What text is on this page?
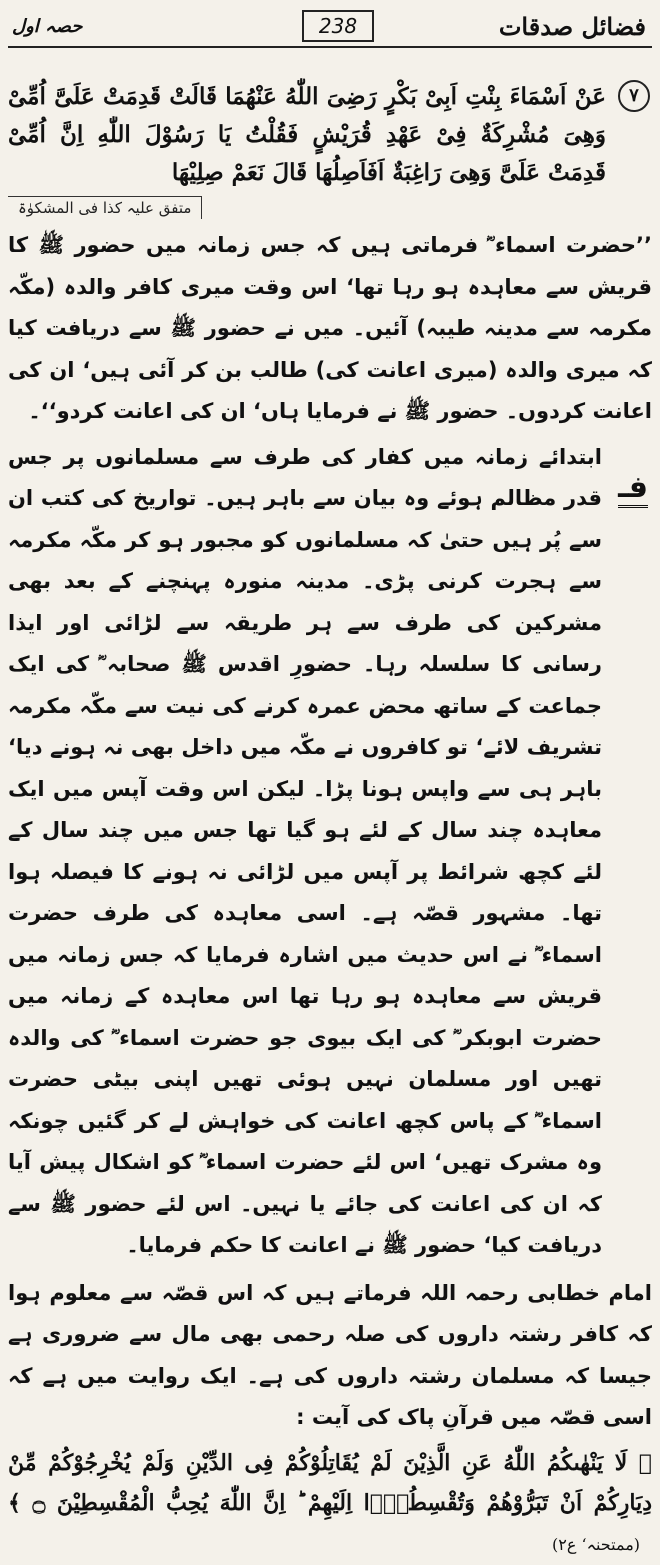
فضائل صدقات
238
حصہ اول
۷
عَنْ اَسْمَاءَ بِنْتِ اَبِیْ بَكْرٍ رَضِیَ اللّٰهُ عَنْهُمَا قَالَتْ قَدِمَتْ عَلَیَّ اُمِّیْ وَهِیَ مُشْرِكَةٌ فِیْ عَهْدِ قُرَیْشٍ فَقُلْتُ یَا رَسُوْلَ اللّٰهِ اِنَّ اُمِّیْ قَدِمَتْ عَلَیَّ وَهِیَ رَاغِبَةٌ اَفَاَصِلُهَا قَالَ نَعَمْ صِلِیْهَا
متفق علیہ کذا فی المشکوٰۃ

’’حضرت اسماء ؓ فرماتی ہیں کہ جس زمانہ میں حضور ﷺ کا قریش سے معاہدہ ہو رہا تھا‘ اس وقت میری کافر والدہ (مکّہ مکرمہ سے مدینہ طیبہ) آئیں۔ میں نے حضور ﷺ سے دریافت کیا کہ میری والدہ (میری اعانت کی) طالب بن کر آئی ہیں‘ ان کی اعانت کردوں۔ حضور ﷺ نے فرمایا ہاں‘ ان کی اعانت کردو‘‘۔

فـ
ابتدائے زمانہ میں کفار کی طرف سے مسلمانوں پر جس قدر مظالم ہوئے وہ بیان سے باہر ہیں۔ تواریخ کی کتب ان سے پُر ہیں حتیٰ کہ مسلمانوں کو مجبور ہو کر مکّہ مکرمہ سے ہجرت کرنی پڑی۔ مدینہ منورہ پہنچنے کے بعد بھی مشرکین کی طرف سے ہر طریقہ سے لڑائی اور ایذا رسانی کا سلسلہ رہا۔ حضورِ اقدس ﷺ صحابہ ؓ کی ایک جماعت کے ساتھ محض عمرہ کرنے کی نیت سے مکّہ مکرمہ تشریف لائے‘ تو کافروں نے مکّہ میں داخل بھی نہ ہونے دیا‘ باہر ہی سے واپس ہونا پڑا۔ لیکن اس وقت آپس میں ایک معاہدہ چند سال کے لئے ہو گیا تھا جس میں چند سال کے لئے کچھ شرائط پر آپس میں لڑائی نہ ہونے کا فیصلہ ہوا تھا۔ مشہور قصّہ ہے۔ اسی معاہدہ کی طرف حضرت اسماء ؓ نے اس حدیث میں اشارہ فرمایا کہ جس زمانہ میں قریش سے معاہدہ ہو رہا تھا اس معاہدہ کے زمانہ میں حضرت ابوبکر ؓ کی ایک بیوی جو حضرت اسماء ؓ کی والدہ تھیں اور مسلمان نہیں ہوئی تھیں اپنی بیٹی حضرت اسماء ؓ کے پاس کچھ اعانت کی خواہش لے کر گئیں چونکہ وہ مشرک تھیں‘ اس لئے حضرت اسماء ؓ کو اشکال پیش آیا کہ ان کی اعانت کی جائے یا نہیں۔ اس لئے حضور ﷺ سے دریافت کیا‘ حضور ﷺ نے اعانت کا حکم فرمایا۔

امام خطابی رحمہ اللہ فرماتے ہیں کہ اس قصّہ سے معلوم ہوا کہ کافر رشتہ داروں کی صلہ رحمی بھی مال سے ضروری ہے جیسا کہ مسلمان رشتہ داروں کی ہے۔ ایک روایت میں ہے کہ اسی قصّہ میں قرآنِ پاک کی آیت :

﴿ لَا یَنْهٰىكُمُ اللّٰهُ عَنِ الَّذِیْنَ لَمْ یُقَاتِلُوْكُمْ فِی الدِّیْنِ وَلَمْ یُخْرِجُوْكُمْ مِّنْ دِیَارِكُمْ اَنْ تَبَرُّوْهُمْ وَتُقْسِطُوْۤا اِلَیْهِمْ ؕ اِنَّ اللّٰهَ یُحِبُّ الْمُقْسِطِیْنَ ۝ ﴾ (ممتحنہ‘ ع۲)
